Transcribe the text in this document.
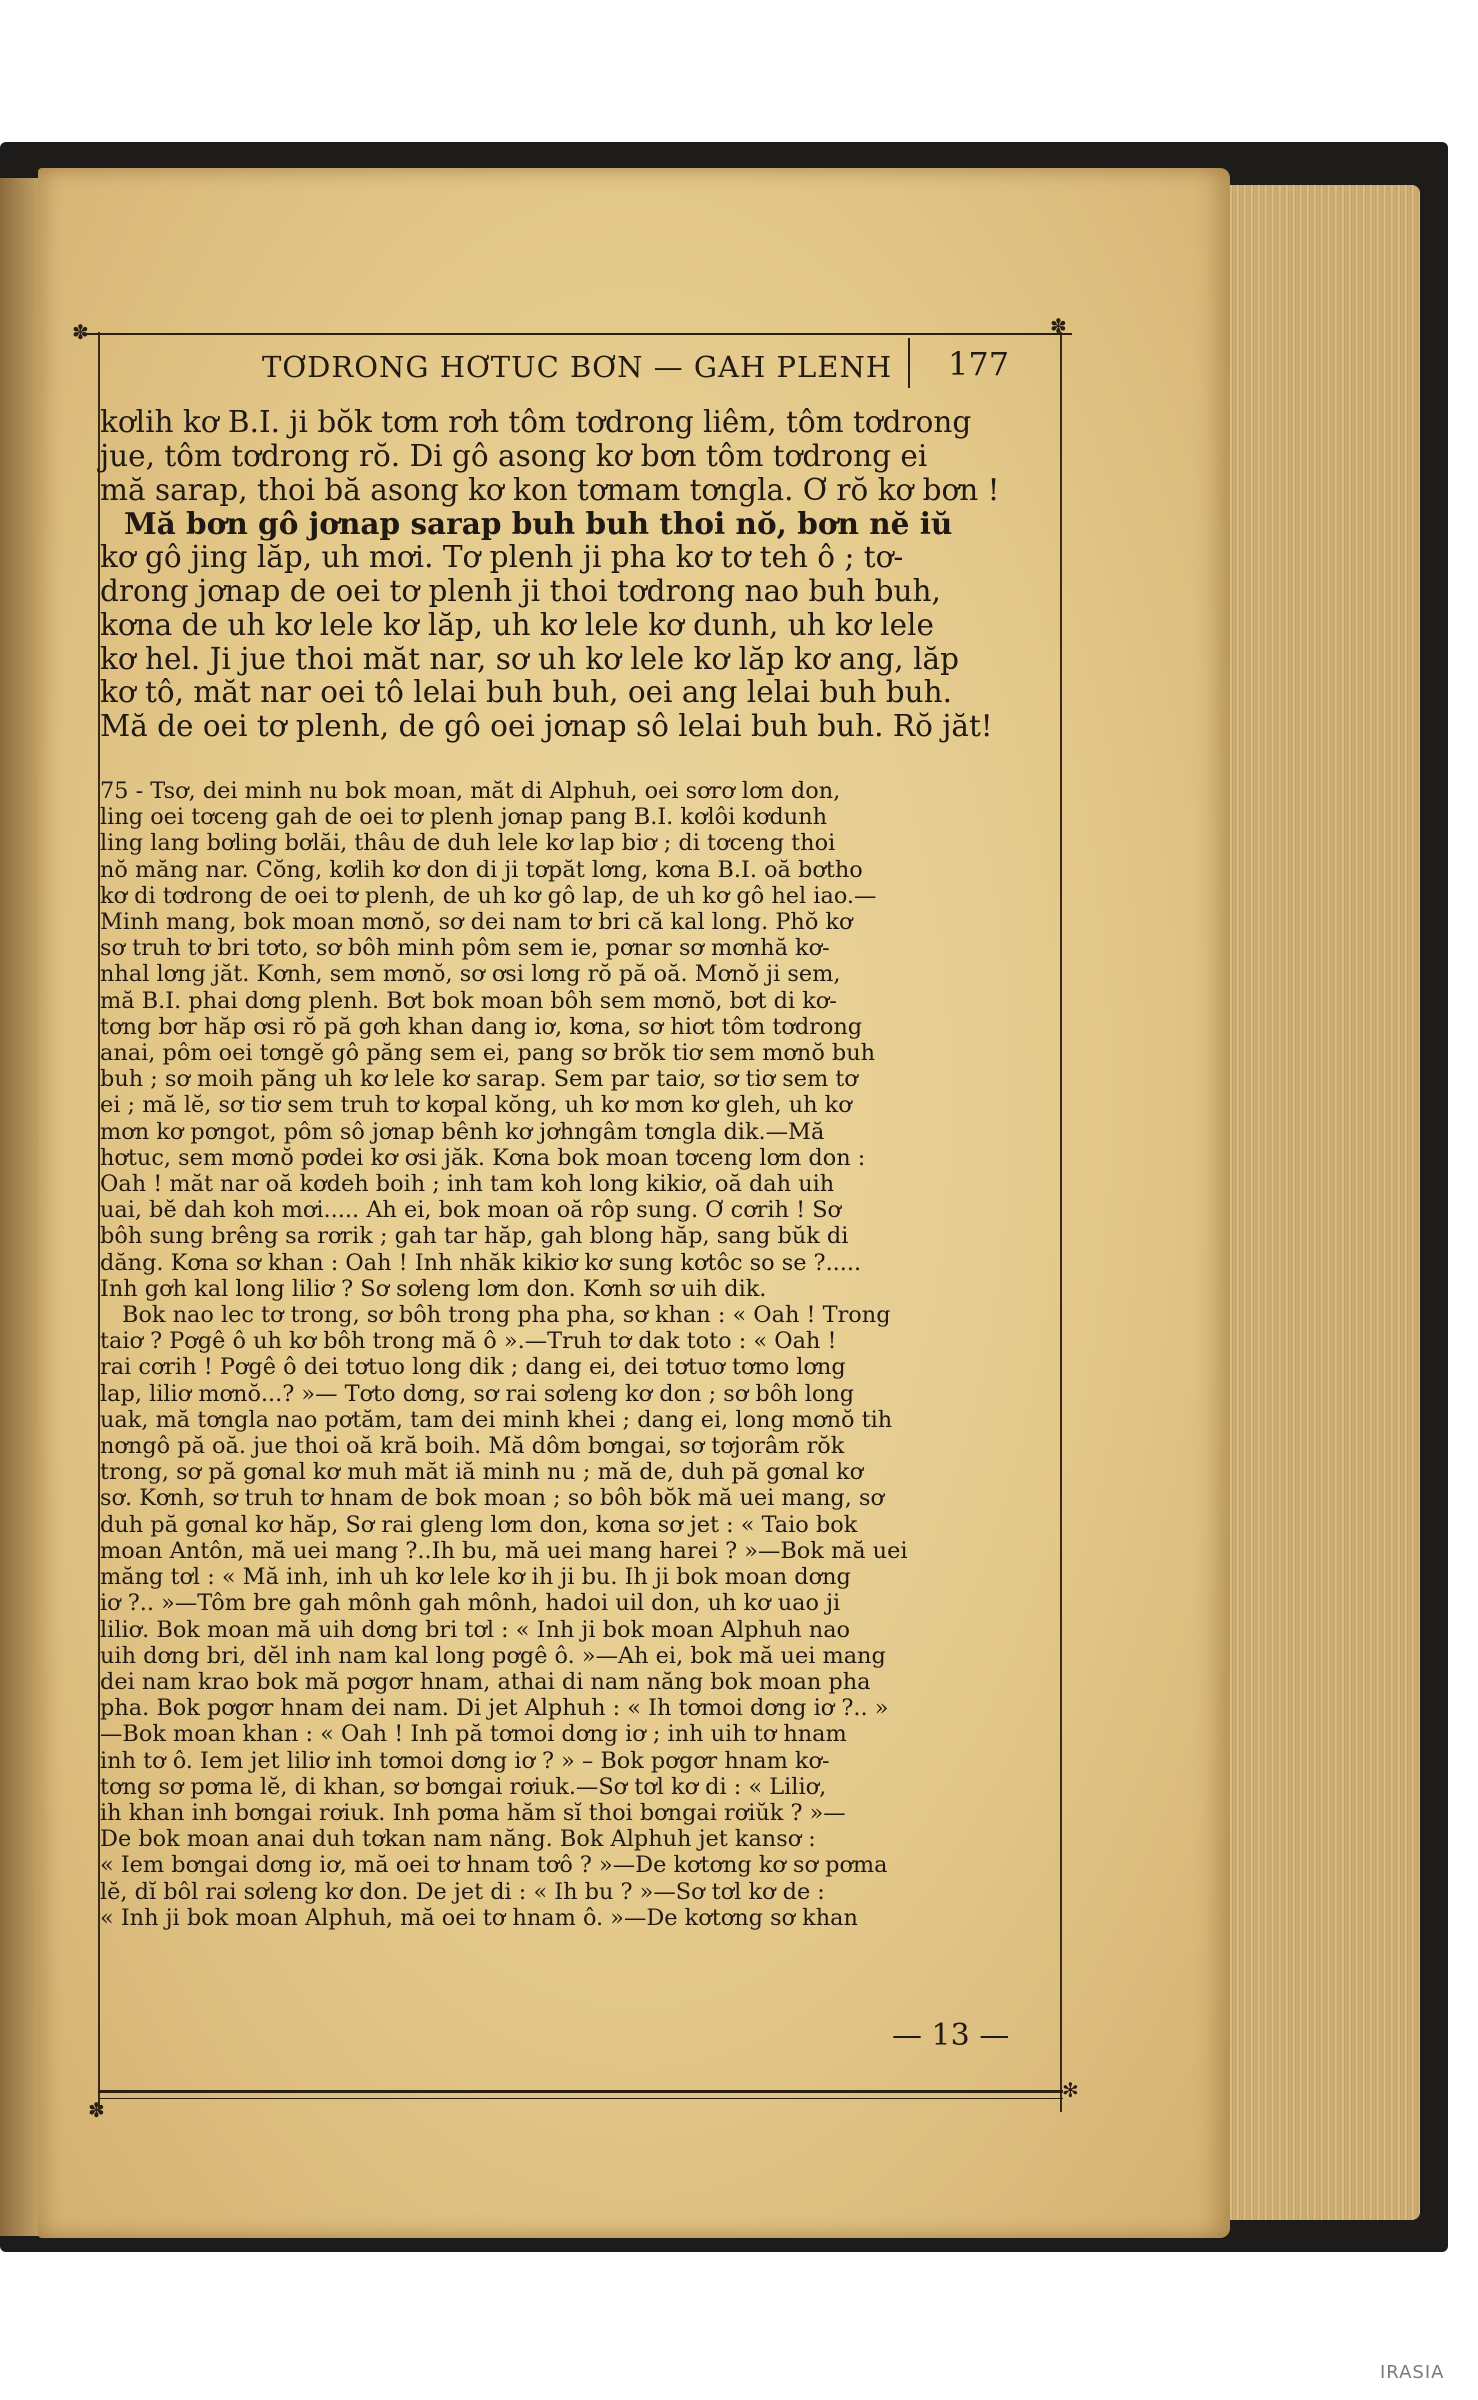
✽	✽
✽
✻
TƠDRONG HƠTUC BƠN — GAH PLENH 177
kơlih kơ B.I. ji bŏk tơm rơh tôm tơdrong liêm, tôm tơdrong
jue, tôm tơdrong rŏ. Di gô asong kơ bơn tôm tơdrong ei
mă sarap, thoi bă asong kơ kon tơmam tơngla. Ơ rŏ kơ bơn !
Mă bơn gô jơnap sarap buh buh thoi nŏ, bơn nĕ iŭ
kơ gô jing lăp, uh mơi. Tơ plenh ji pha kơ tơ teh ô ; tơ-
drong jơnap de oei tơ plenh ji thoi tơdrong nao buh buh,
kơna de uh kơ lele kơ lăp, uh kơ lele kơ dunh, uh kơ lele
kơ hel. Ji jue thoi măt nar, sơ uh kơ lele kơ lăp kơ ang, lăp
kơ tô, măt nar oei tô lelai buh buh, oei ang lelai buh buh.
Mă de oei tơ plenh, de gô oei jơnap sô lelai buh buh. Rŏ jăt!
75 - Tsơ, dei minh nu bok moan, măt di Alphuh, oei sơrơ lơm don,
ling oei tơceng gah de oei tơ plenh jơnap pang B.I. kơlôi kơdunh
ling lang bơling bơlăi, thâu de duh lele kơ lap biơ ; di tơceng thoi
nŏ măng nar. Cŏng, kơlih kơ don di ji tơpăt lơng, kơna B.I. oă bơtho
kơ di tơdrong de oei tơ plenh, de uh kơ gô lap, de uh kơ gô hel iao.—
Minh mang, bok moan mơnŏ, sơ dei nam tơ bri că kal long. Phŏ kơ
sơ truh tơ bri tơto, sơ bôh minh pôm sem ie, pơnar sơ mơnhă kơ-
nhal lơng jăt. Kơnh, sem mơnŏ, sơ ơsi lơng rŏ pă oă. Mơnŏ ji sem,
mă B.I. phai dơng plenh. Bơt bok moan bôh sem mơnŏ, bơt di kơ-
tơng bơr hăp ơsi rŏ pă gơh khan dang iơ, kơna, sơ hiơt tôm tơdrong
anai, pôm oei tơngĕ gô păng sem ei, pang sơ brŏk tiơ sem mơnŏ buh
buh ; sơ moih păng uh kơ lele kơ sarap. Sem par taiơ, sơ tiơ sem tơ
ei ; mă lĕ, sơ tiơ sem truh tơ kơpal kŏng, uh kơ mơn kơ gleh, uh kơ
mơn kơ pơngot, pôm sô jơnap bênh kơ jơhngâm tơngla dik.—Mă
hơtuc, sem mơnŏ pơdei kơ ơsi jăk. Kơna bok moan tơceng lơm don :
Oah ! măt nar oă kơdeh boih ; inh tam koh long kikiơ, oă dah uih
uai, bĕ dah koh mơi..... Ah ei, bok moan oă rôp sung. Ơ cơrih ! Sơ
bôh sung brêng sa rơrik ; gah tar hăp, gah blong hăp, sang bŭk di
dăng. Kơna sơ khan : Oah ! Inh nhăk kikiơ kơ sung kơtôc so se ?.....
Inh gơh kal long liliơ ? Sơ sơleng lơm don. Kơnh sơ uih dik.
Bok nao lec tơ trong, sơ bôh trong pha pha, sơ khan : « Oah ! Trong
taiơ ? Pơgê ô uh kơ bôh trong mă ô ».—Truh tơ dak toto : « Oah !
rai cơrih ! Pơgê ô dei tơtuo long dik ; dang ei, dei tơtuơ tơmo lơng
lap, liliơ mơnŏ...? »— Tơto dơng, sơ rai sơleng kơ don ; sơ bôh long
uak, mă tơngla nao pơtăm, tam dei minh khei ; dang ei, long mơnŏ tih
nơngô pă oă. jue thoi oă kră boih. Mă dôm bơngai, sơ tơjorâm rŏk
trong, sơ pă gơnal kơ muh măt iă minh nu ; mă de, duh pă gơnal kơ
sơ. Kơnh, sơ truh tơ hnam de bok moan ; so bôh bŏk mă uei mang, sơ
duh pă gơnal kơ hăp, Sơ rai gleng lơm don, kơna sơ jet : « Taio bok
moan Antôn, mă uei mang ?..Ih bu, mă uei mang harei ? »—Bok mă uei
măng tơl : « Mă inh, inh uh kơ lele kơ ih ji bu. Ih ji bok moan dơng
iơ ?.. »—Tôm bre gah mônh gah mônh, hadoi uil don, uh kơ uao ji
liliơ. Bok moan mă uih dơng bri tơl : « Inh ji bok moan Alphuh nao
uih dơng bri, dĕl inh nam kal long pơgê ô. »—Ah ei, bok mă uei mang
dei nam krao bok mă pơgơr hnam, athai di nam năng bok moan pha
pha. Bok pơgơr hnam dei nam. Di jet Alphuh : « Ih tơmoi dơng iơ ?.. »
—Bok moan khan : « Oah ! Inh pă tơmoi dơng iơ ; inh uih tơ hnam
inh tơ ô. Iem jet liliơ inh tơmoi dơng iơ ? » – Bok pơgơr hnam kơ-
tơng sơ pơma lĕ, di khan, sơ bơngai rơiuk.—Sơ tơl kơ di : « Liliơ,
ih khan inh bơngai rơiuk. Inh pơma hăm sĭ thoi bơngai rơiŭk ? »—
De bok moan anai duh tơkan nam năng. Bok Alphuh jet kansơ :
« Iem bơngai dơng iơ, mă oei tơ hnam tơô ? »—De kơtơng kơ sơ pơma
lĕ, dĭ bôl rai sơleng kơ don. De jet di : « Ih bu ? »—Sơ tơl kơ de :
« Inh ji bok moan Alphuh, mă oei tơ hnam ô. »—De kơtơng sơ khan
— 13 —
IRASIA
